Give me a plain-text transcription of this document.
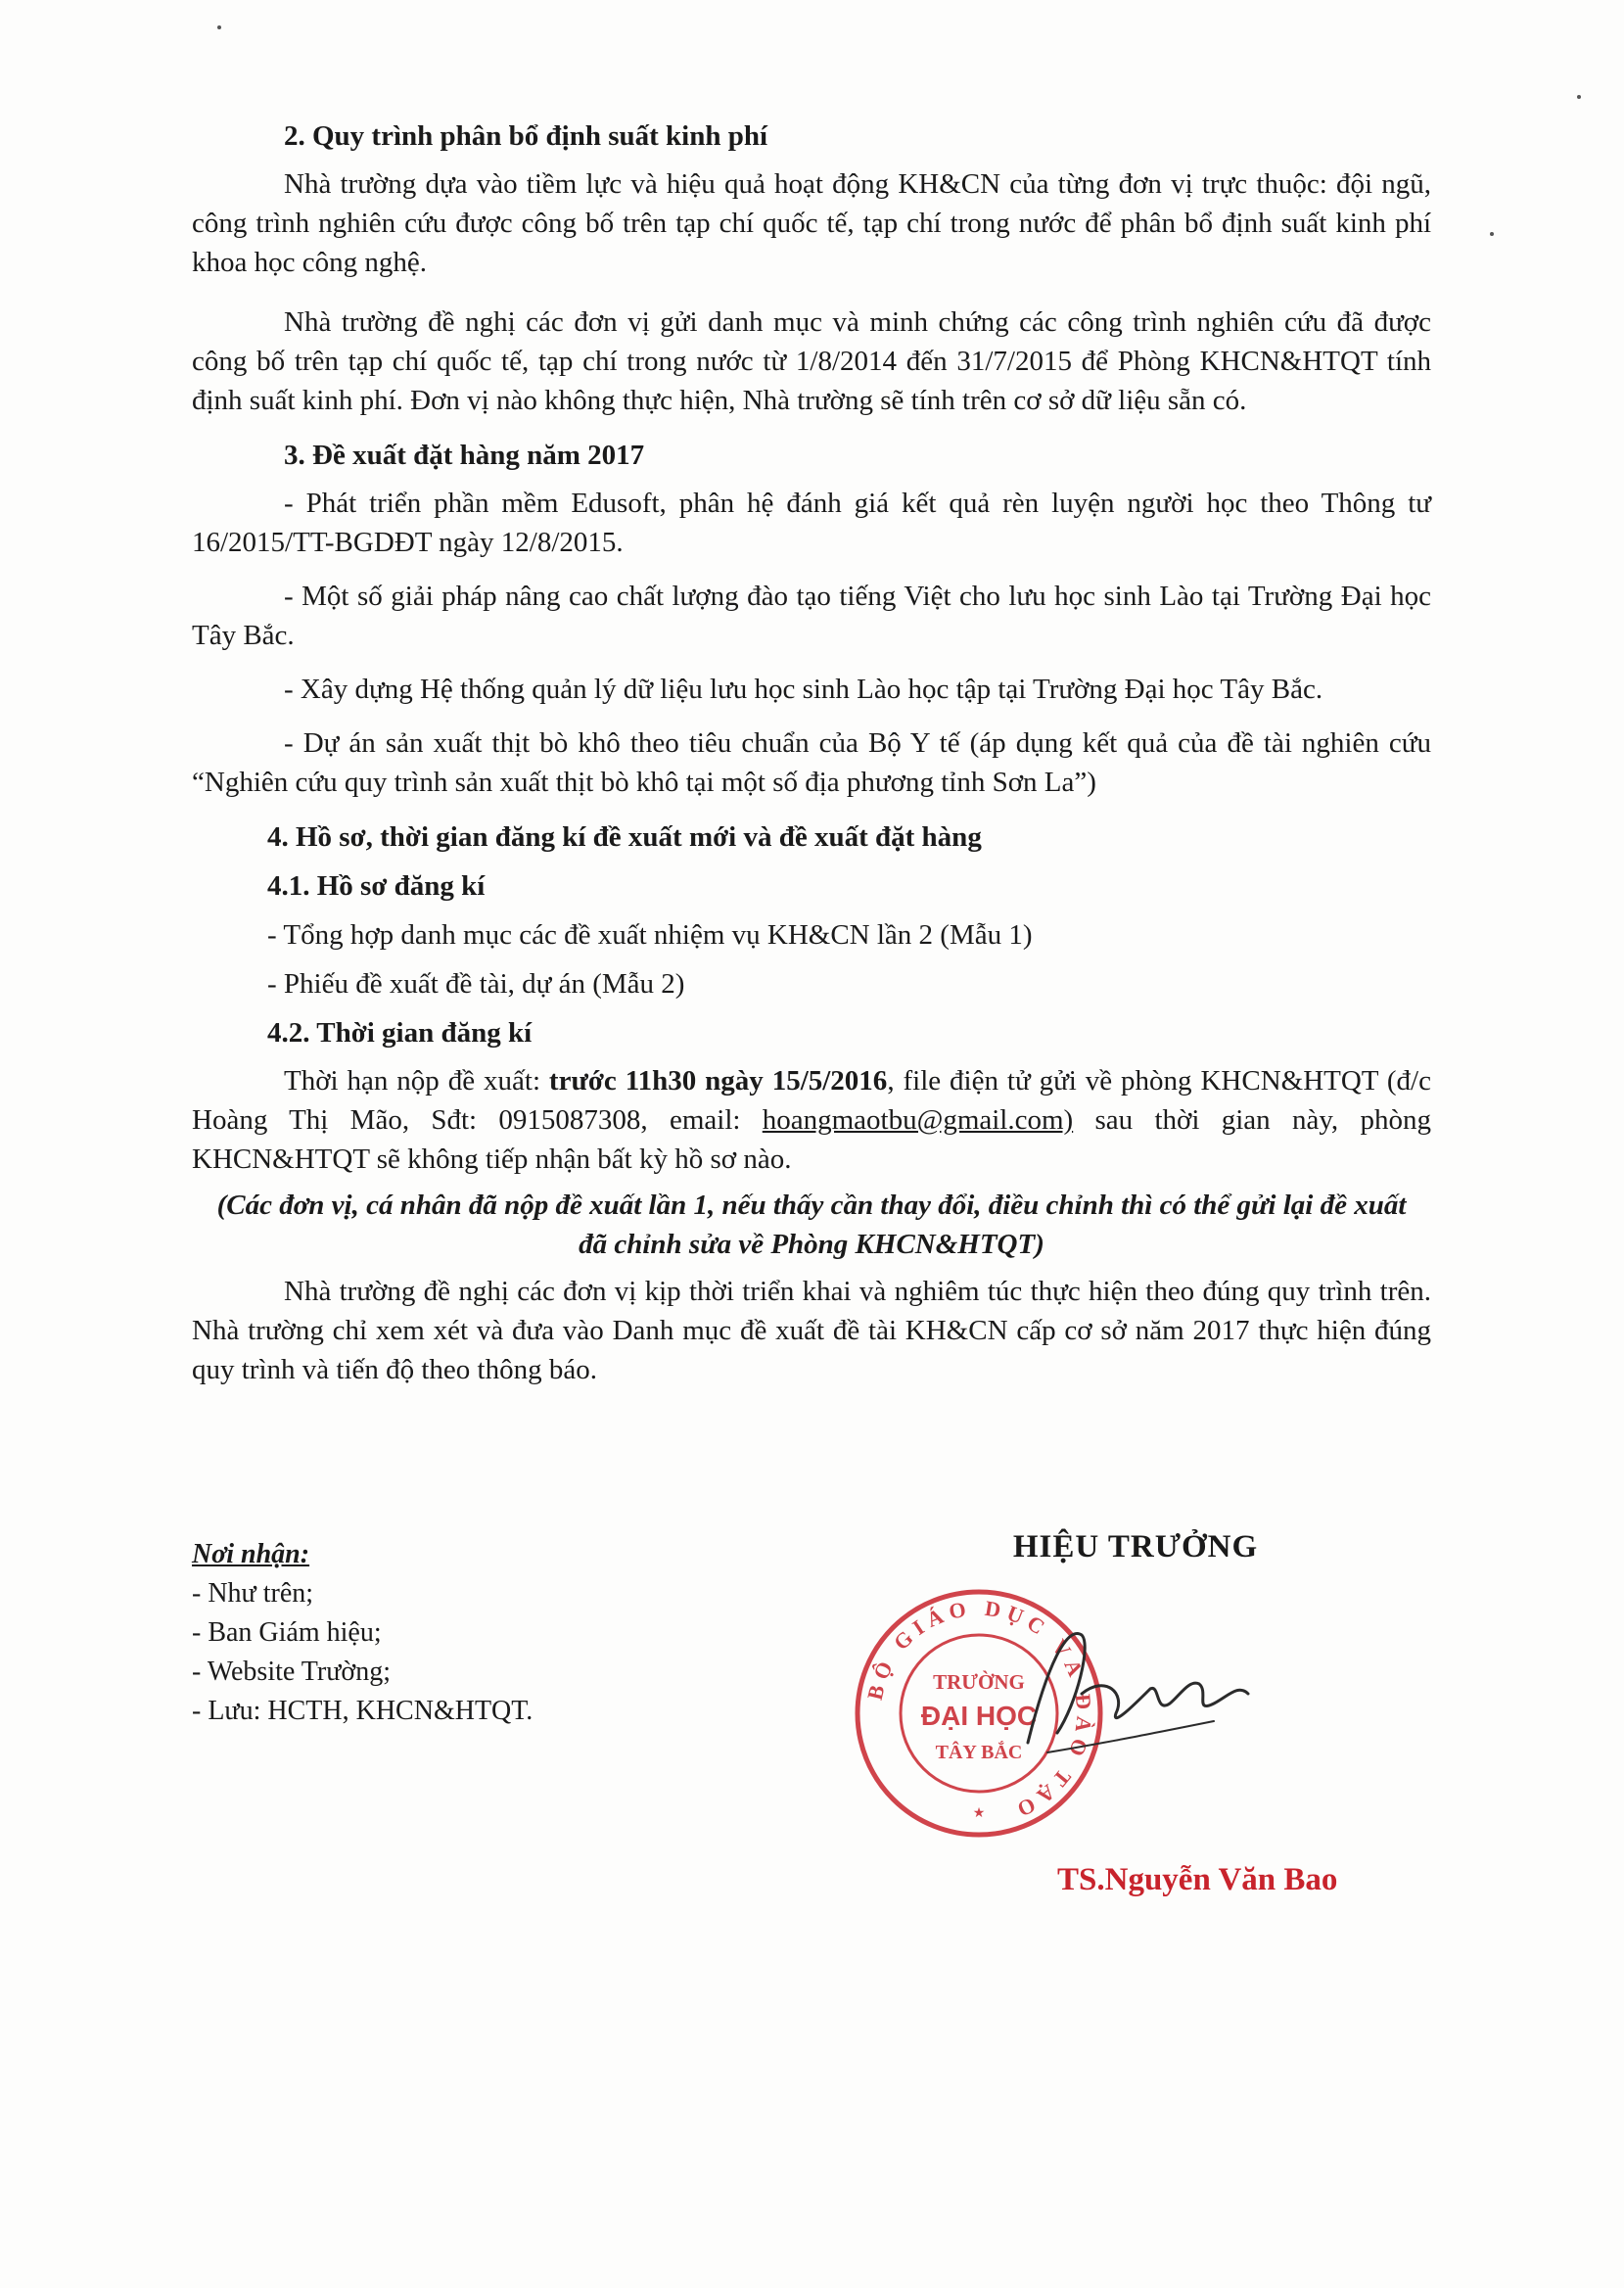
2. Quy trình phân bổ định suất kinh phí

Nhà trường dựa vào tiềm lực và hiệu quả hoạt động KH&CN của từng đơn vị trực thuộc: đội ngũ, công trình nghiên cứu được công bố trên tạp chí quốc tế, tạp chí trong nước để phân bổ định suất kinh phí khoa học công nghệ.

Nhà trường đề nghị các đơn vị gửi danh mục và minh chứng các công trình nghiên cứu đã được công bố trên tạp chí quốc tế, tạp chí trong nước từ 1/8/2014 đến 31/7/2015 để Phòng KHCN&HTQT tính định suất kinh phí. Đơn vị nào không thực hiện, Nhà trường sẽ tính trên cơ sở dữ liệu sẵn có.

3. Đề xuất đặt hàng năm 2017

- Phát triển phần mềm Edusoft, phân hệ đánh giá kết quả rèn luyện người học theo Thông tư 16/2015/TT-BGDĐT ngày 12/8/2015.

- Một số giải pháp nâng cao chất lượng đào tạo tiếng Việt cho lưu học sinh Lào tại Trường Đại học Tây Bắc.

- Xây dựng Hệ thống quản lý dữ liệu lưu học sinh Lào học tập tại Trường Đại học Tây Bắc.

- Dự án sản xuất thịt bò khô theo tiêu chuẩn của Bộ Y tế (áp dụng kết quả của đề tài nghiên cứu “Nghiên cứu quy trình sản xuất thịt bò khô tại một số địa phương tỉnh Sơn La”)

4. Hồ sơ, thời gian đăng kí đề xuất mới và đề xuất đặt hàng

4.1. Hồ sơ đăng kí

- Tổng hợp danh mục các đề xuất nhiệm vụ KH&CN lần 2 (Mẫu 1)

- Phiếu đề xuất đề tài, dự án (Mẫu 2)

4.2. Thời gian đăng kí

Thời hạn nộp đề xuất: trước 11h30 ngày 15/5/2016, file điện tử gửi về phòng KHCN&HTQT (đ/c Hoàng Thị Mão, Sđt: 0915087308, email: hoangmaotbu@gmail.com) sau thời gian này, phòng KHCN&HTQT sẽ không tiếp nhận bất kỳ hồ sơ nào.

(Các đơn vị, cá nhân đã nộp đề xuất lần 1, nếu thấy cần thay đổi, điều chỉnh thì có thể gửi lại đề xuất đã chỉnh sửa về Phòng KHCN&HTQT)

Nhà trường đề nghị các đơn vị kịp thời triển khai và nghiêm túc thực hiện theo đúng quy trình trên. Nhà trường chỉ xem xét và đưa vào Danh mục đề xuất đề tài KH&CN cấp cơ sở năm 2017 thực hiện đúng quy trình và tiến độ theo thông báo.

Nơi nhận:
- Như trên;
- Ban Giám hiệu;
- Website Trường;
- Lưu: HCTH, KHCN&HTQT.
HIỆU TRƯỞNG
BỘ GIÁO DỤC VÀ ĐÀO TẠO
TRƯỜNG
ĐẠI HỌC
TÂY BẮC
★
TS.Nguyễn Văn Bao
